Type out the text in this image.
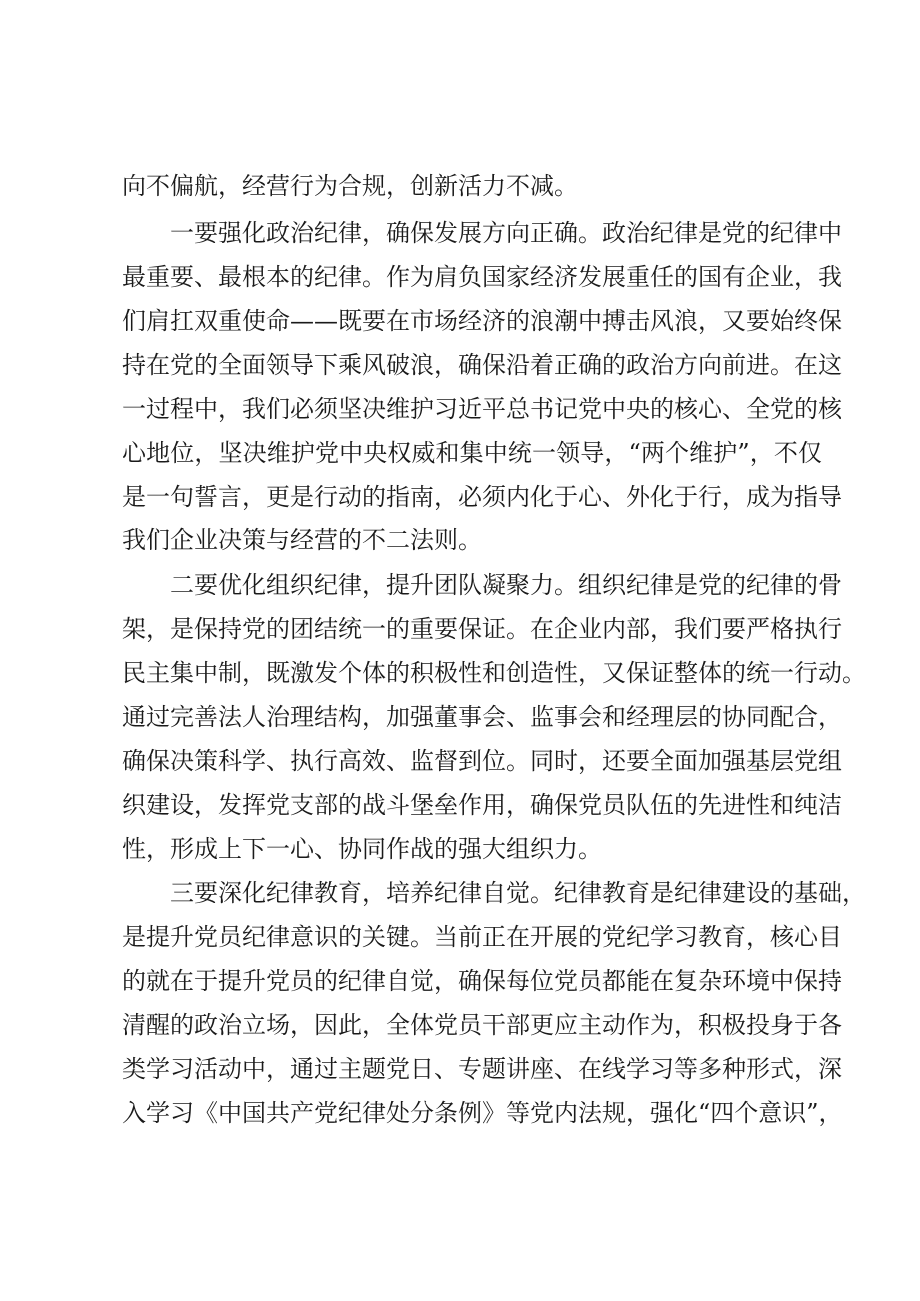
向不偏航，经营行为合规，创新活力不减。
一要强化政治纪律，确保发展方向正确。政治纪律是党的纪律中
最重要、最根本的纪律。作为肩负国家经济发展重任的国有企业，我
们肩扛双重使命——既要在市场经济的浪潮中搏击风浪，又要始终保
持在党的全面领导下乘风破浪，确保沿着正确的政治方向前进。在这
一过程中，我们必须坚决维护习近平总书记党中央的核心、全党的核
心地位，坚决维护党中央权威和集中统一领导，“两个维护”，不仅
是一句誓言，更是行动的指南，必须内化于心、外化于行，成为指导
我们企业决策与经营的不二法则。
二要优化组织纪律，提升团队凝聚力。组织纪律是党的纪律的骨
架，是保持党的团结统一的重要保证。在企业内部，我们要严格执行
民主集中制，既激发个体的积极性和创造性，又保证整体的统一行动。
通过完善法人治理结构，加强董事会、监事会和经理层的协同配合，
确保决策科学、执行高效、监督到位。同时，还要全面加强基层党组
织建设，发挥党支部的战斗堡垒作用，确保党员队伍的先进性和纯洁
性，形成上下一心、协同作战的强大组织力。
三要深化纪律教育，培养纪律自觉。纪律教育是纪律建设的基础，
是提升党员纪律意识的关键。当前正在开展的党纪学习教育，核心目
的就在于提升党员的纪律自觉，确保每位党员都能在复杂环境中保持
清醒的政治立场，因此，全体党员干部更应主动作为，积极投身于各
类学习活动中，通过主题党日、专题讲座、在线学习等多种形式，深
入学习《中国共产党纪律处分条例》等党内法规，强化“四个意识”，
